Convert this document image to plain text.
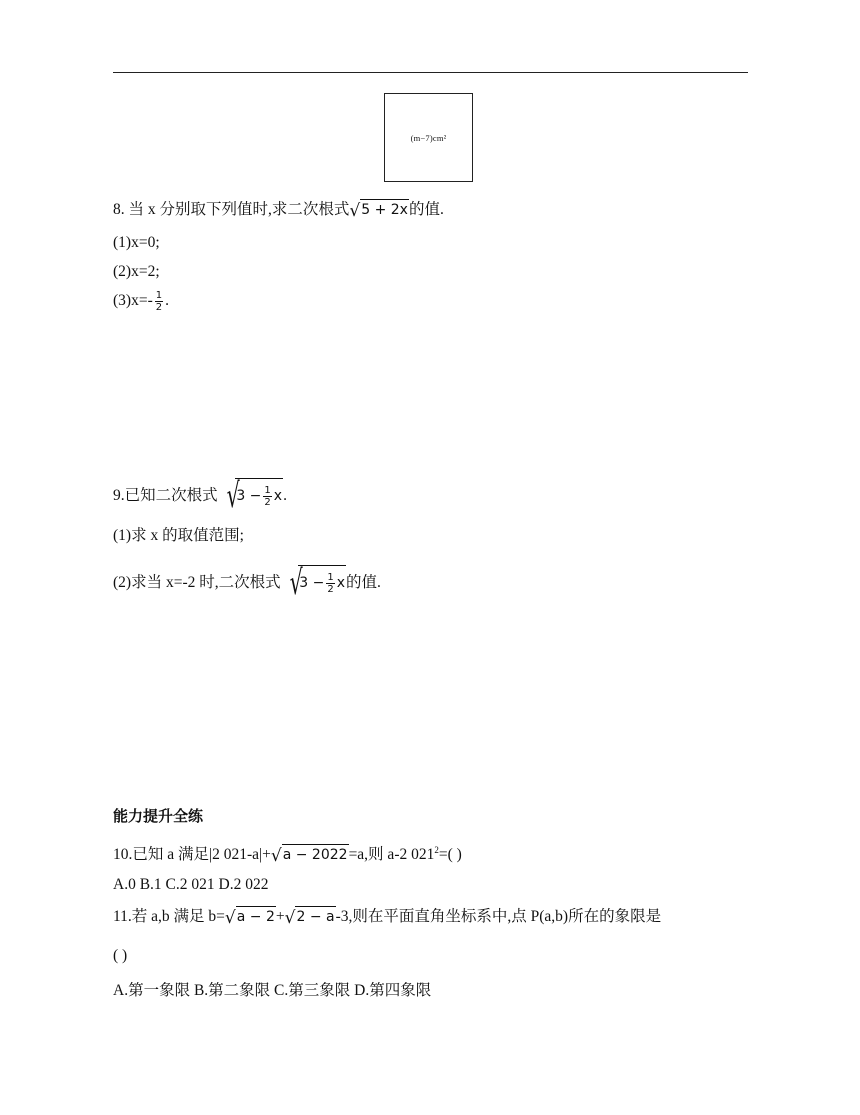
(m−7)cm²
8. 当 x 分别取下列值时,求二次根式 √ 5 + 2x 的值.
(1)x=0;
(2)x=2;
$(3)x=- \frac{1}{2}$ .
9.已知二次根式 √
$3 - \frac{1}{2}$ x .
(1)求 x 的取值范围;
(2)求当 x=-2 时,二次根式 √
$3 - \frac{1}{2}$ x 的值.
能力提升全练
10.已知 a 满足|2 021-a|+ √ a − 2022 =a,则 a-2 $021^2=$( )
A.0 B.1 C.2 021 D.2 022
11.若 a,b 满足 b= √ a − 2 + √ 2 − a -3,则在平面直角坐标系中,点 P(a,b)所在的象限是
( )
A.第一象限 B.第二象限 C.第三象限 D.第四象限
